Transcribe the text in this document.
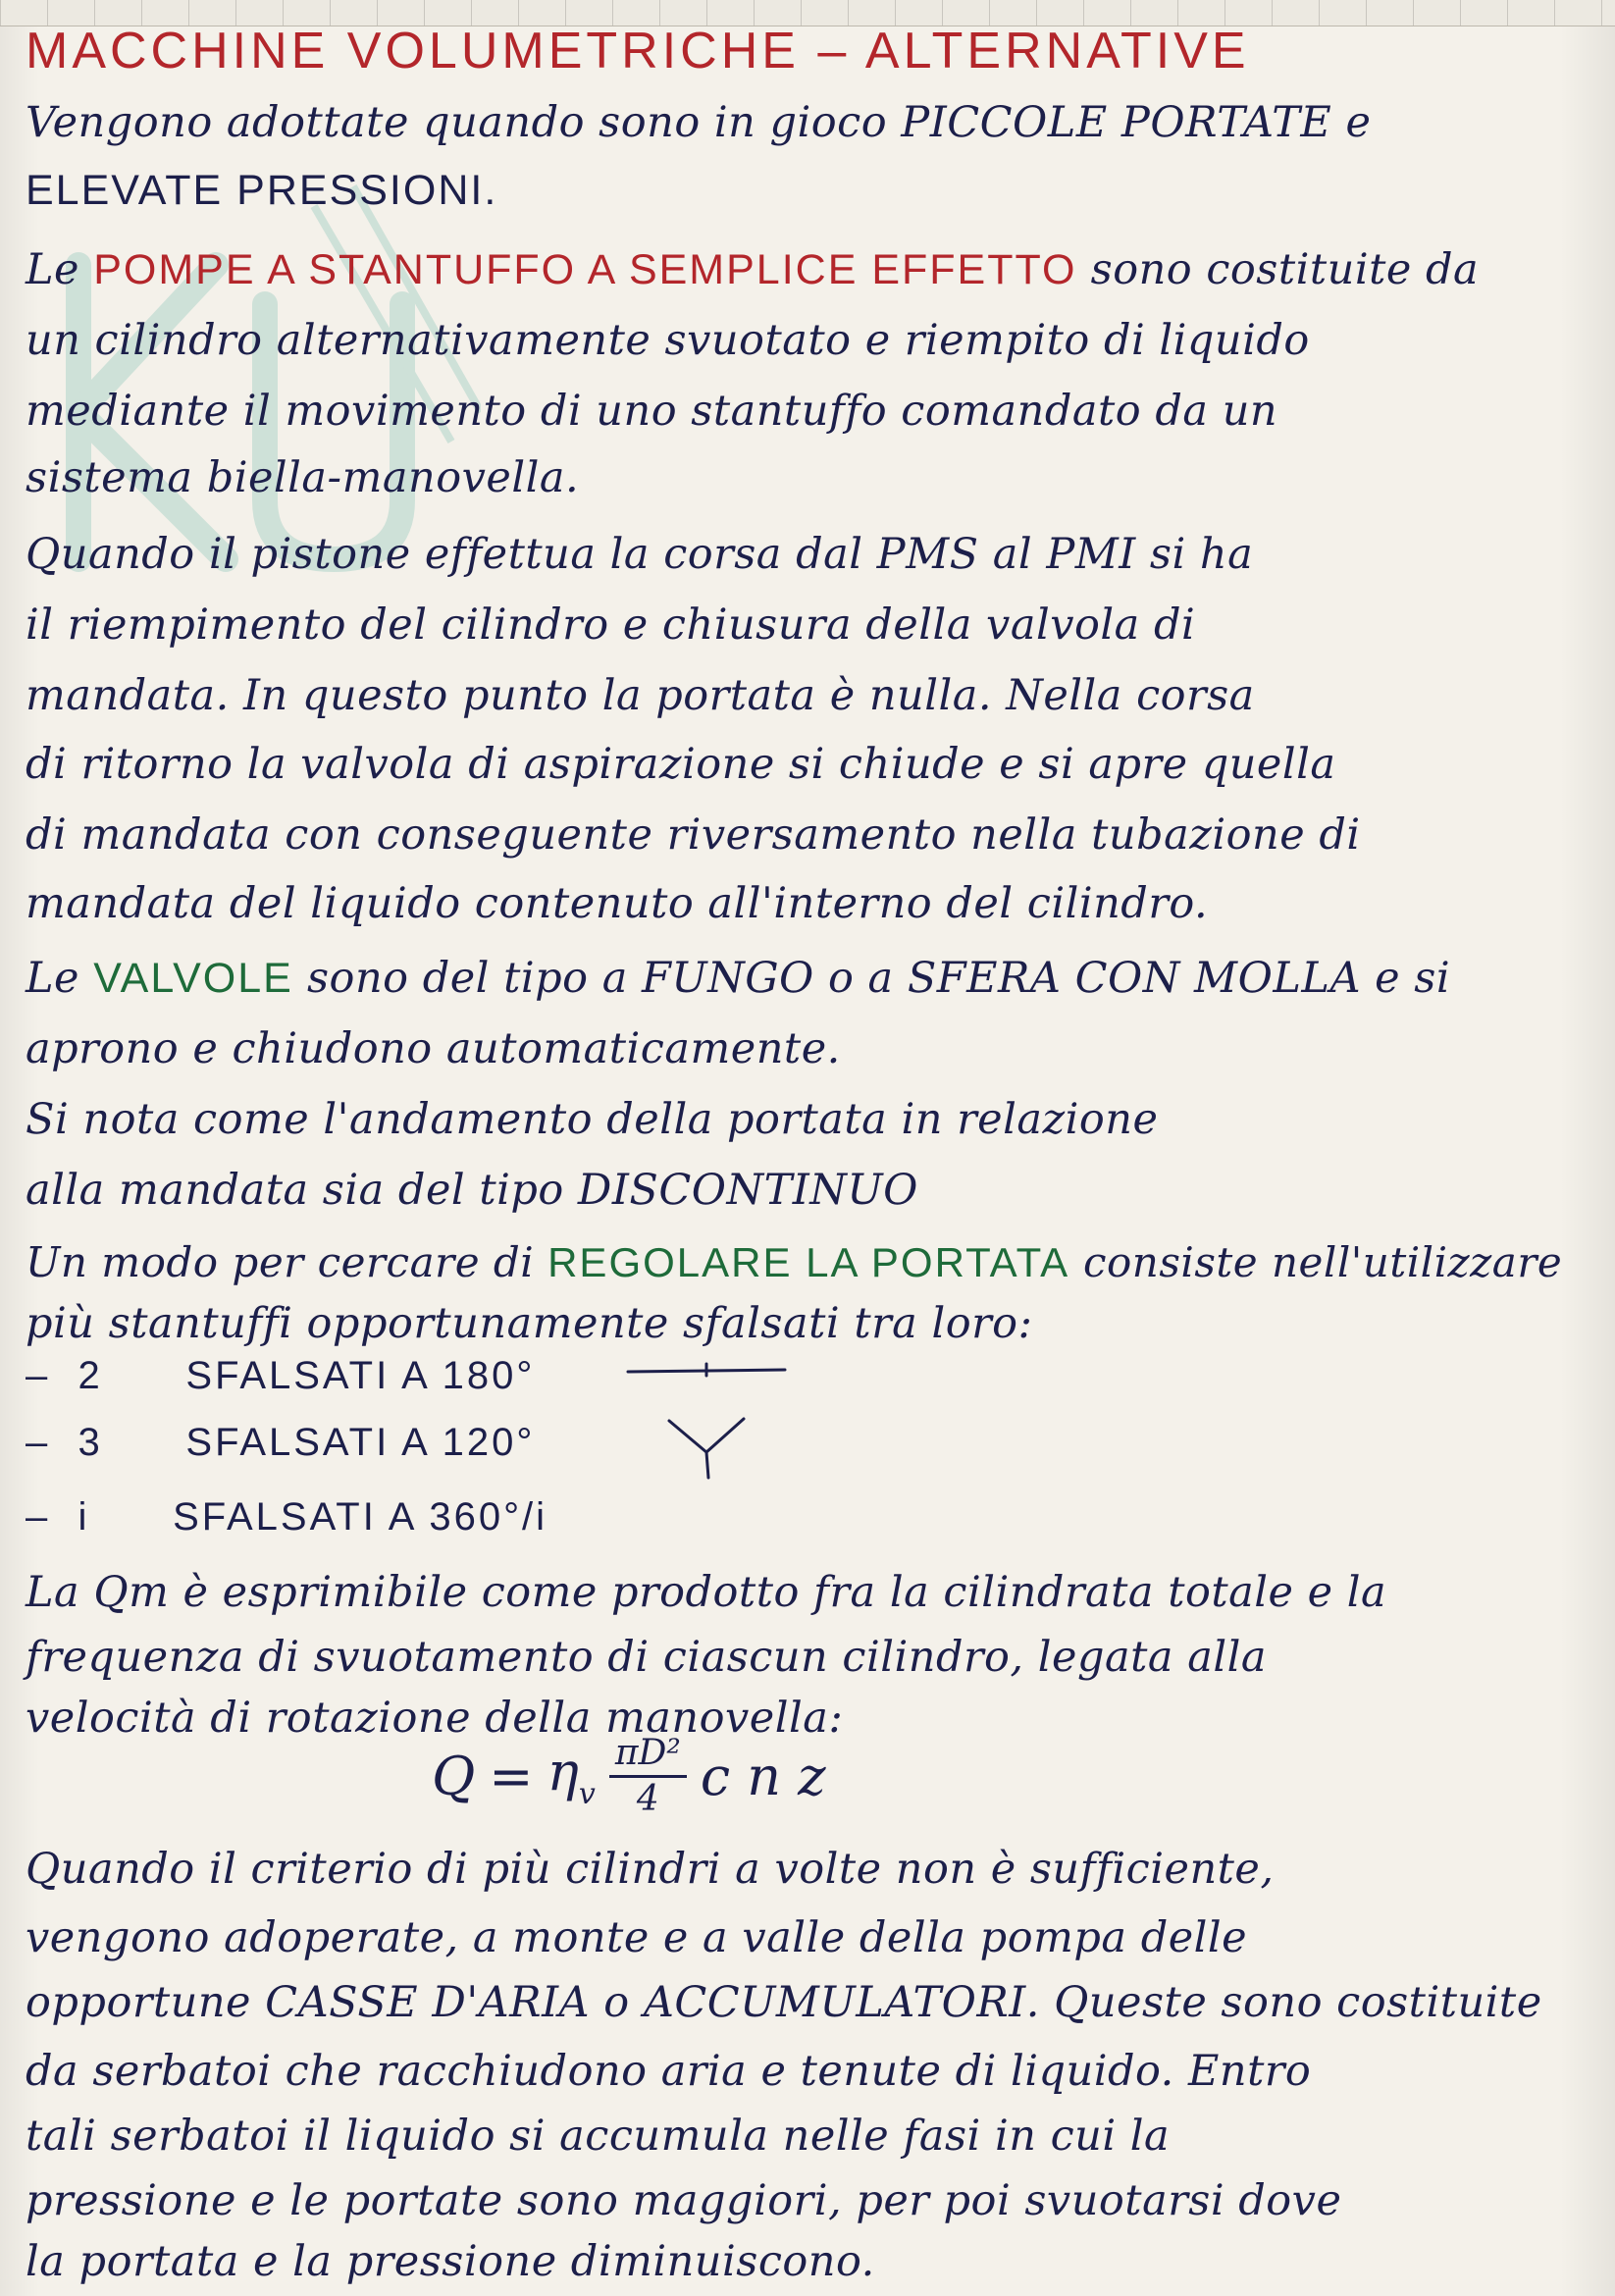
MACCHINE VOLUMETRICHE – ALTERNATIVE

Vengono adottate quando sono in gioco PICCOLE PORTATE e

ELEVATE PRESSIONI.

Le POMPE A STANTUFFO A SEMPLICE EFFETTO sono costituite da

un cilindro alternativamente svuotato e riempito di liquido

mediante il movimento di uno stantuffo comandato da un

sistema biella-manovella.

Quando il pistone effettua la corsa dal PMS al PMI si ha

il riempimento del cilindro e chiusura della valvola di

mandata. In questo punto la portata è nulla. Nella corsa

di ritorno la valvola di aspirazione si chiude e si apre quella

di mandata con conseguente riversamento nella tubazione di

mandata del liquido contenuto all'interno del cilindro.

Le VALVOLE sono del tipo a FUNGO o a SFERA CON MOLLA e si

aprono e chiudono automaticamente.

Si nota come l'andamento della portata in relazione

alla mandata sia del tipo DISCONTINUO

Un modo per cercare di REGOLARE LA PORTATA consiste nell'utilizzare

più stantuffi opportunamente sfalsati tra loro:

– 2 SFALSATI A 180°

– 3 SFALSATI A 120°

– i SFALSATI A 360°/i

La Qm è esprimibile come prodotto fra la cilindrata totale e la

frequenza di svuotamento di ciascun cilindro, legata alla

velocità di rotazione della manovella:

$Q = \eta_v \frac{\text{πD²}}{4}$ c n z

Quando il criterio di più cilindri a volte non è sufficiente,

vengono adoperate, a monte e a valle della pompa delle

opportune CASSE D'ARIA o ACCUMULATORI. Queste sono costituite

da serbatoi che racchiudono aria e tenute di liquido. Entro

tali serbatoi il liquido si accumula nelle fasi in cui la

pressione e le portate sono maggiori, per poi svuotarsi dove

la portata e la pressione diminuiscono.
